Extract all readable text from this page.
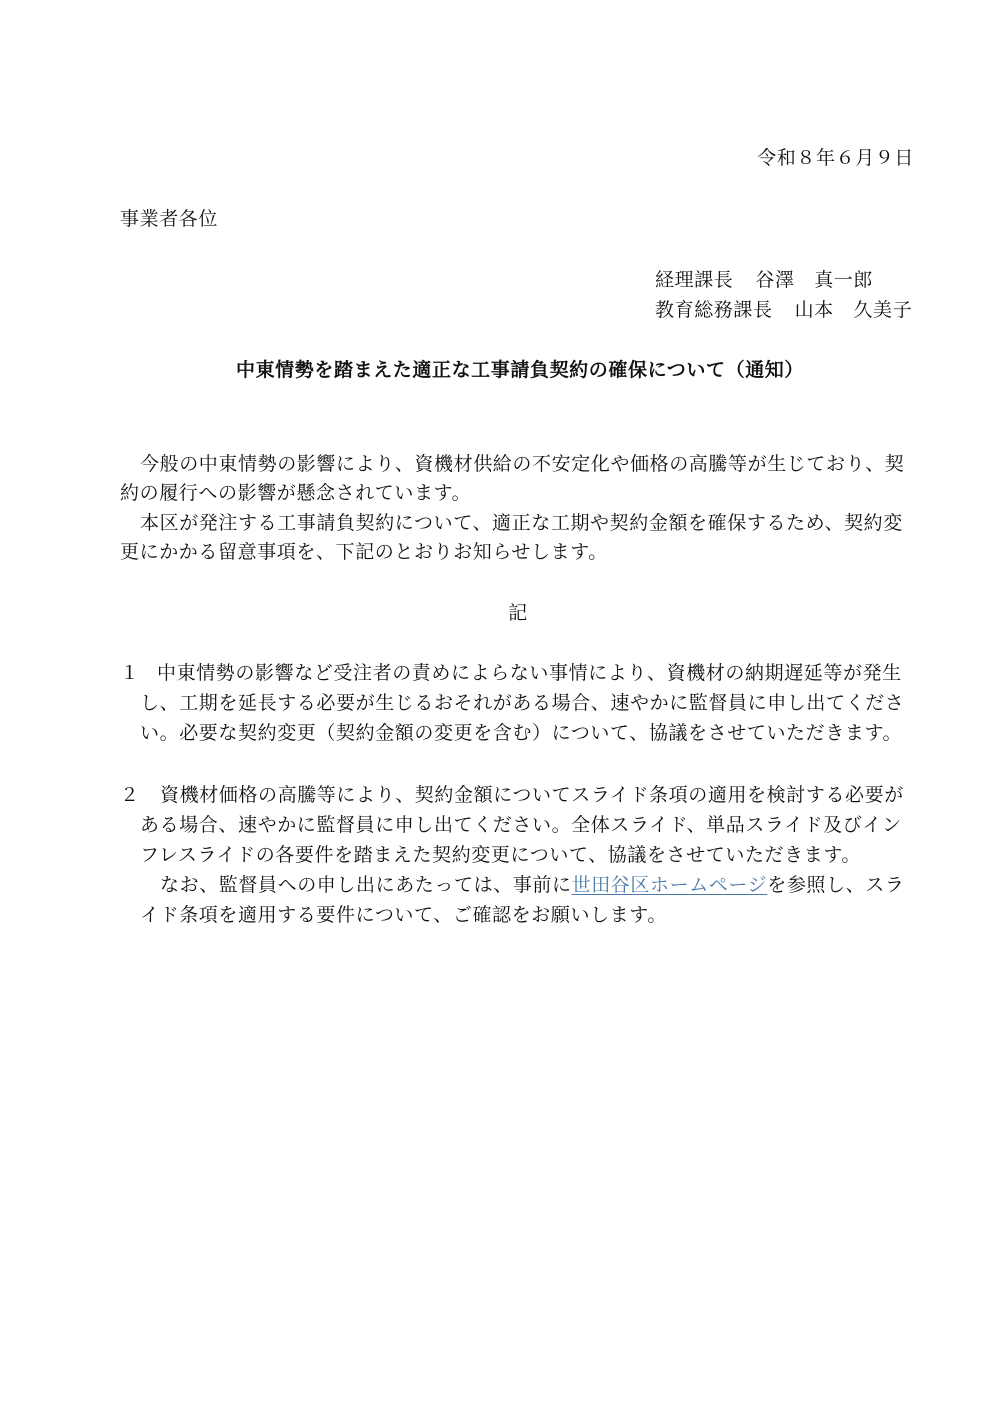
令和８年６月９日
事業者各位
経理課長 谷澤　真一郎
教育総務課長 山本　久美子
中東情勢を踏まえた適正な工事請負契約の確保について（通知）
今般の中東情勢の影響により、資機材供給の不安定化や価格の高騰等が生じており、契
約の履行への影響が懸念されています。
本区が発注する工事請負契約について、適正な工期や契約金額を確保するため、契約変
更にかかる留意事項を、下記のとおりお知らせします。
記
１ 中東情勢の影響など受注者の責めによらない事情により、資機材の納期遅延等が発生
し、工期を延長する必要が生じるおそれがある場合、速やかに監督員に申し出てくださ
い。必要な契約変更（契約金額の変更を含む）について、協議をさせていただきます。
２ 資機材価格の高騰等により、契約金額についてスライド条項の適用を検討する必要が
ある場合、速やかに監督員に申し出てください。全体スライド、単品スライド及びイン
フレスライドの各要件を踏まえた契約変更について、協議をさせていただきます。
なお、監督員への申し出にあたっては、事前に世田谷区ホームページを参照し、スラ
イド条項を適用する要件について、ご確認をお願いします。
